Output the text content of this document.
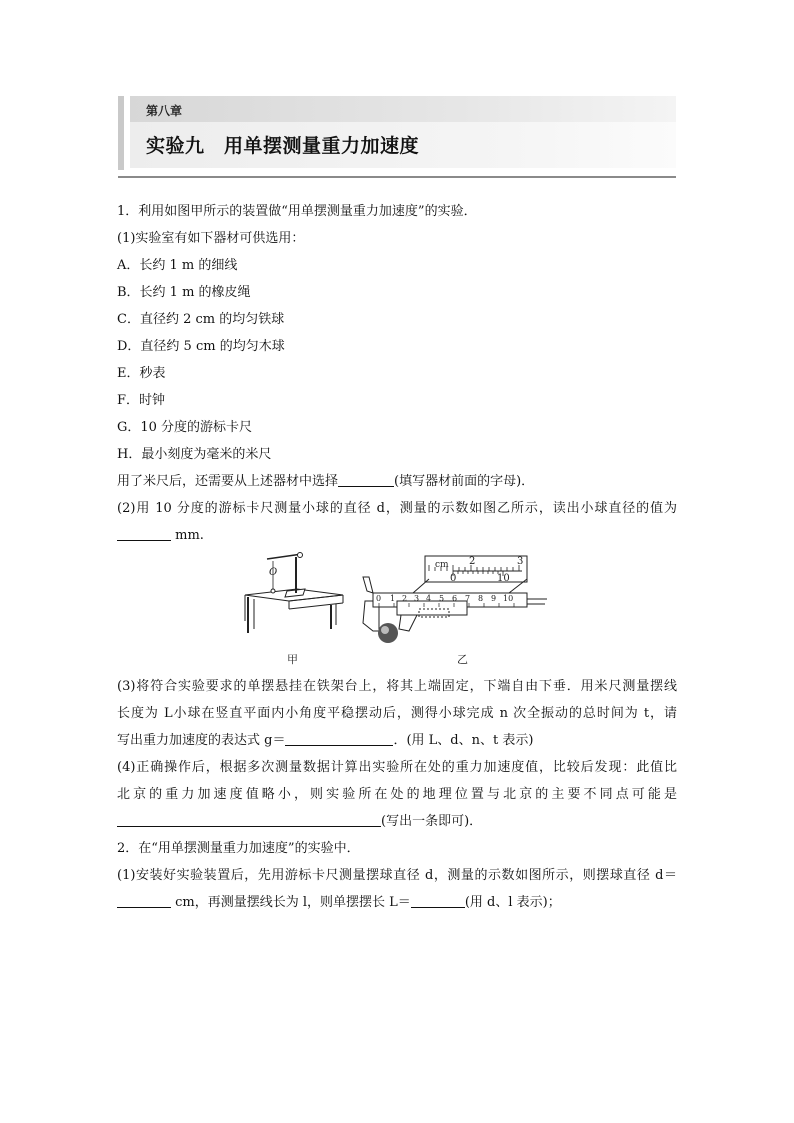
第八章
实验九　用单摆测量重力加速度
1．利用如图甲所示的装置做“用单摆测量重力加速度”的实验．
(1)实验室有如下器材可供选用：
A．长约 1 m 的细线
B．长约 1 m 的橡皮绳
C．直径约 2 cm 的均匀铁球
D．直径约 5 cm 的均匀木球
E．秒表
F．时钟
G．10 分度的游标卡尺
H．最小刻度为毫米的米尺
用了米尺后，还需要从上述器材中选择	(填写器材前面的字母)．
(2)用 10 分度的游标卡尺测量小球的直径 d，测量的示数如图乙所示，读出小球直径的值为
mm.
O
甲
cm 2	3
0	10
0 1 2 3 4 5 6 7 8 9 10
乙
(3)将符合实验要求的单摆悬挂在铁架台上，将其上端固定，下端自由下垂．用米尺测量摆线
长度为 L小球在竖直平面内小角度平稳摆动后，测得小球完成 n 次全振动的总时间为 t，请
写出重力加速度的表达式 g＝	．(用 L、d、n、t 表示)
(4)正确操作后，根据多次测量数据计算出实验所在处的重力加速度值，比较后发现：此值比
北京的重力加速度值略小，则实验所在处的地理位置与北京的主要不同点可能是
(写出一条即可)．
2．在“用单摆测量重力加速度”的实验中．
(1)安装好实验装置后，先用游标卡尺测量摆球直径 d，测量的示数如图所示，则摆球直径 d＝
cm，再测量摆线长为 l，则单摆摆长 L＝	(用 d、l 表示)；
